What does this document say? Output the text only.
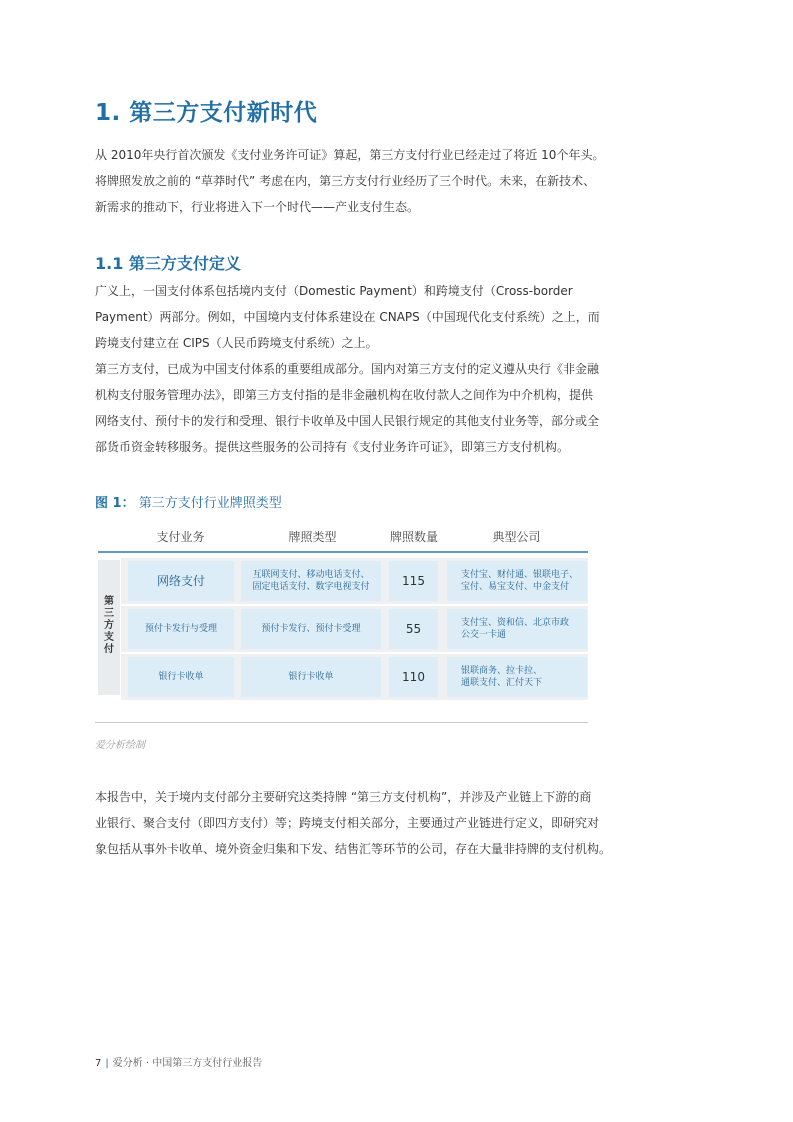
1. 第三方支付新时代
从 2010年央行首次颁发《支付业务许可证》算起，第三方支付行业已经走过了将近 10个年头。
将牌照发放之前的 “草莽时代” 考虑在内，第三方支付行业经历了三个时代。未来，在新技术、
新需求的推动下，行业将进入下一个时代——产业支付生态。
1.1 第三方支付定义
广义上，一国支付体系包括境内支付（Domestic Payment）和跨境支付（Cross-border
Payment）两部分。例如，中国境内支付体系建设在 CNAPS（中国现代化支付系统）之上，而
跨境支付建立在 CIPS（人民币跨境支付系统）之上。
第三方支付，已成为中国支付体系的重要组成部分。国内对第三方支付的定义遵从央行《非金融
机构支付服务管理办法》，即第三方支付指的是非金融机构在收付款人之间作为中介机构，提供
网络支付、预付卡的发行和受理、银行卡收单及中国人民银行规定的其他支付业务等，部分或全
部货币资金转移服务。提供这些服务的公司持有《支付业务许可证》，即第三方支付机构。
图 1： 第三方支付行业牌照类型
支付业务	牌照类型	牌照数量	典型公司
第
三
方
支
付
网络支付	互联网支付、移动电话支付、
固定电话支付、数字电视支付	115	支付宝、财付通、银联电子、
宝付、易宝支付、中金支付
预付卡发行与受理	预付卡发行、预付卡受理	55	支付宝、资和信、北京市政
公交一卡通
银行卡收单	银行卡收单	110	银联商务、拉卡拉、
通联支付、汇付天下
爱分析绘制
本报告中，关于境内支付部分主要研究这类持牌 “第三方支付机构”，并涉及产业链上下游的商
业银行、聚合支付（即四方支付）等；跨境支付相关部分，主要通过产业链进行定义，即研究对
象包括从事外卡收单、境外资金归集和下发、结售汇等环节的公司，存在大量非持牌的支付机构。
7 | 爱分析 · 中国第三方支付行业报告
